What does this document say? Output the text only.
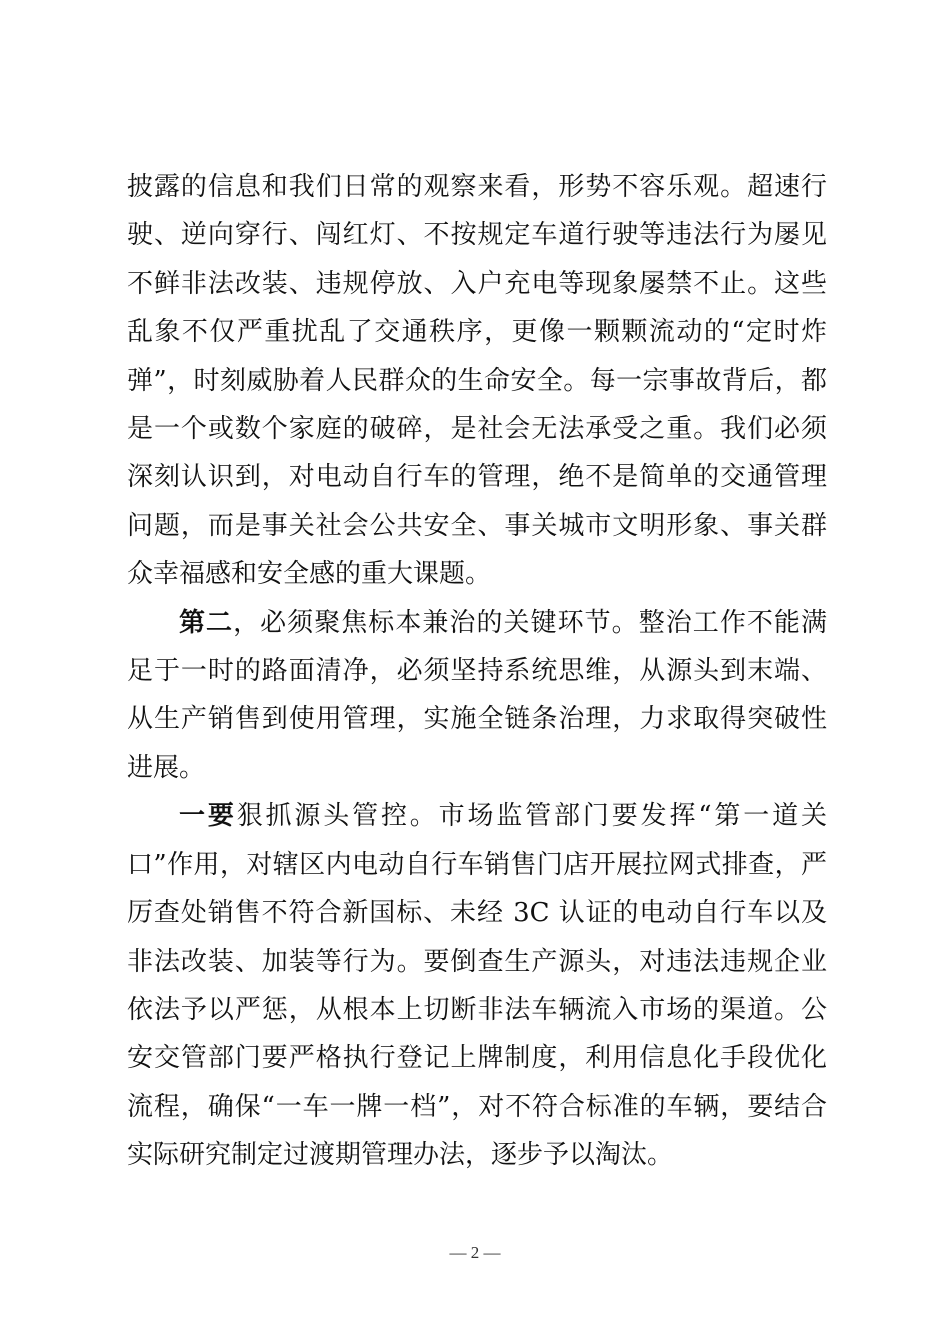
披露的信息和我们日常的观察来看，形势不容乐观。超速行驶、逆向穿行、闯红灯、不按规定车道行驶等违法行为屡见不鲜非法改装、违规停放、入户充电等现象屡禁不止。这些乱象不仅严重扰乱了交通秩序，更像一颗颗流动的“定时炸弹”，时刻威胁着人民群众的生命安全。每一宗事故背后，都是一个或数个家庭的破碎，是社会无法承受之重。我们必须深刻认识到，对电动自行车的管理，绝不是简单的交通管理问题，而是事关社会公共安全、事关城市文明形象、事关群众幸福感和安全感的重大课题。

第二，必须聚焦标本兼治的关键环节。整治工作不能满足于一时的路面清净，必须坚持系统思维，从源头到末端、从生产销售到使用管理，实施全链条治理，力求取得突破性进展。

一要狠抓源头管控。市场监管部门要发挥“第一道关口”作用，对辖区内电动自行车销售门店开展拉网式排查，严厉查处销售不符合新国标、未经 3C 认证的电动自行车以及非法改装、加装等行为。要倒查生产源头，对违法违规企业依法予以严惩，从根本上切断非法车辆流入市场的渠道。公安交管部门要严格执行登记上牌制度，利用信息化手段优化流程，确保“一车一牌一档”，对不符合标准的车辆，要结合实际研究制定过渡期管理办法，逐步予以淘汰。

— 2 —
